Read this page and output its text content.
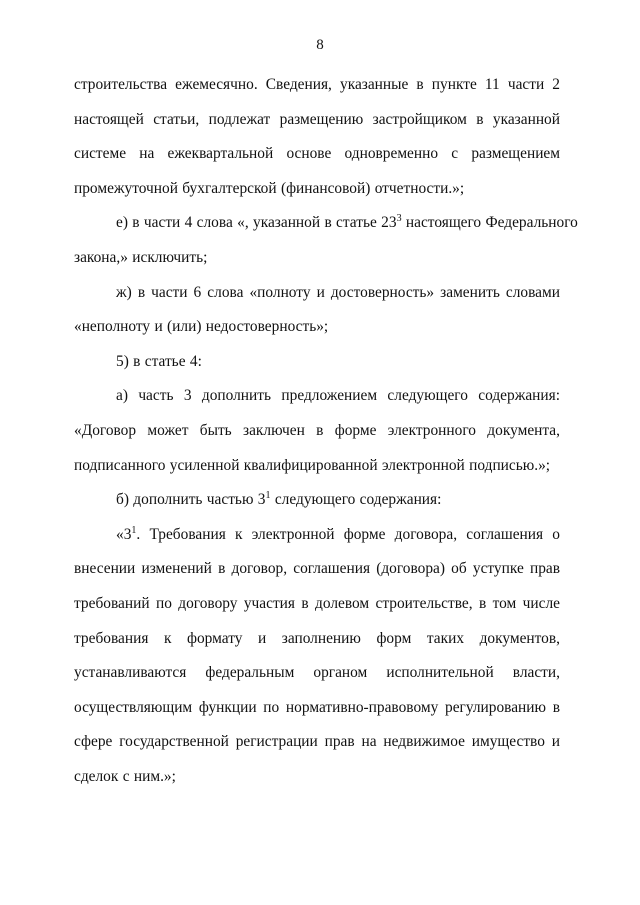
8
строительства ежемесячно. Сведения, указанные в пункте 11 части 2
настоящей статьи, подлежат размещению застройщиком в указанной
системе на ежеквартальной основе одновременно с размещением
промежуточной бухгалтерской (финансовой) отчетности.»;
е) в части 4 слова «, указанной в статье $23^3$ настоящего Федерального
закона,» исключить;
ж) в части 6 слова «полноту и достоверность» заменить словами
«неполноту и (или) недостоверность»;
5) в статье 4:
а) часть 3 дополнить предложением следующего содержания:
«Договор может быть заключен в форме электронного документа,
подписанного усиленной квалифицированной электронной подписью.»;
б) дополнить частью $3^1$ следующего содержания:
«$3^1$. Требования к электронной форме договора, соглашения о
внесении изменений в договор, соглашения (договора) об уступке прав
требований по договору участия в долевом строительстве, в том числе
требования к формату и заполнению форм таких документов,
устанавливаются федеральным органом исполнительной власти,
осуществляющим функции по нормативно-правовому регулированию в
сфере государственной регистрации прав на недвижимое имущество и
сделок с ним.»;
